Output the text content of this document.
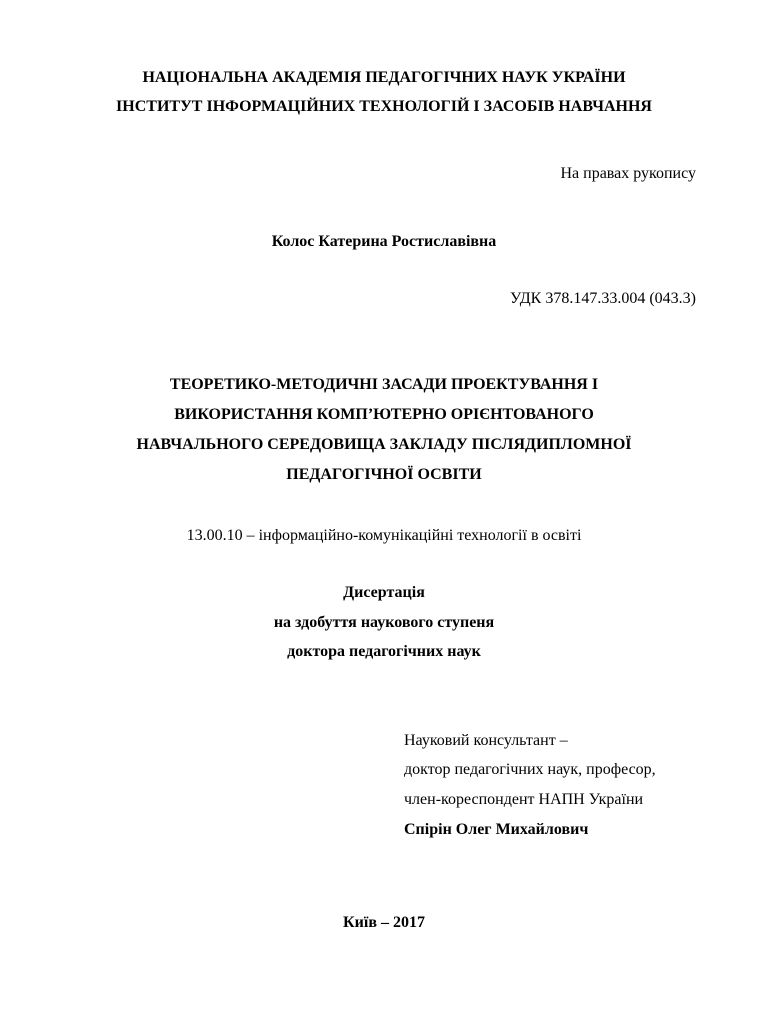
НАЦІОНАЛЬНА АКАДЕМІЯ ПЕДАГОГІЧНИХ НАУК УКРАЇНИ
ІНСТИТУТ ІНФОРМАЦІЙНИХ ТЕХНОЛОГІЙ І ЗАСОБІВ НАВЧАННЯ
На правах рукопису
Колос Катерина Ростиславівна
УДК 378.147.33.004 (043.3)
ТЕОРЕТИКО-МЕТОДИЧНІ ЗАСАДИ ПРОЕКТУВАННЯ І
ВИКОРИСТАННЯ КОМП’ЮТЕРНО ОРІЄНТОВАНОГО
НАВЧАЛЬНОГО СЕРЕДОВИЩА ЗАКЛАДУ ПІСЛЯДИПЛОМНОЇ
ПЕДАГОГІЧНОЇ ОСВІТИ
13.00.10 – інформаційно-комунікаційні технології в освіті
Дисертація
на здобуття наукового ступеня
доктора педагогічних наук
Науковий консультант –
доктор педагогічних наук, професор,
член-кореспондент НАПН України
Спірін Олег Михайлович
Київ – 2017
